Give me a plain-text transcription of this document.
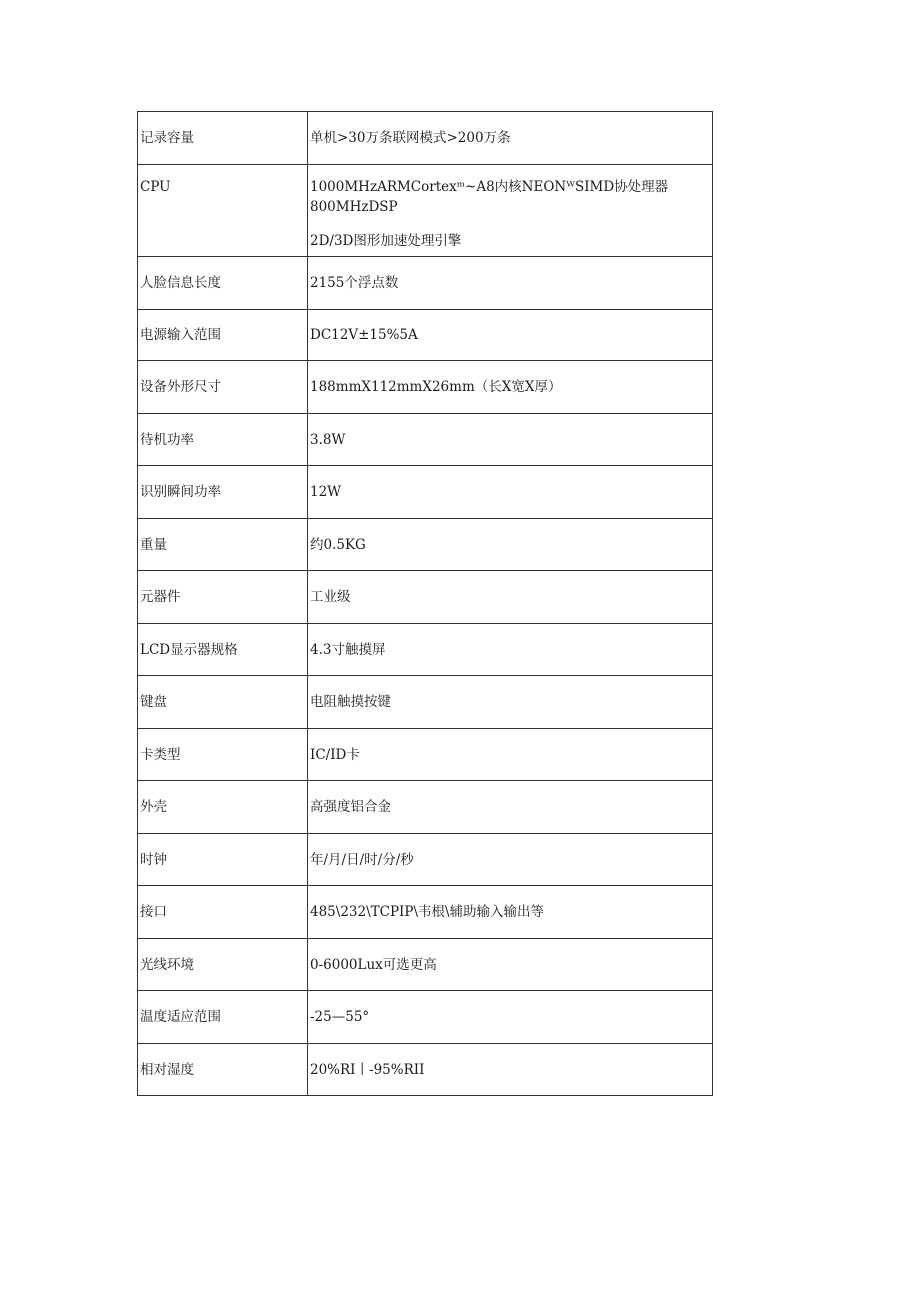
记录容量	单机>30万条联网模式>200万条
CPU	1000MHzARMCortexᵐ~A8内核NEONᵂSIMD协处理器800MHzDSP
2D/3D图形加速处理引擎

人脸信息长度	2155个浮点数
电源输入范围	DC12V±15%5A
设备外形尺寸	188mmX112mmX26mm（长X宽X厚）
待机功率	3.8W
识别瞬间功率	12W
重量	约0.5KG
元器件	工业级
LCD显示器规格	4.3寸触摸屏
键盘	电阻触摸按键
卡类型	IC/ID卡
外壳	高强度铝合金
时钟	年/月/日/时/分/秒
接口	485\232\TCPIP\韦根\辅助输入输出等
光线环境	0-6000Lux可选更高
温度适应范围	-25—55°
相对湿度	20%RI丨-95%RII
